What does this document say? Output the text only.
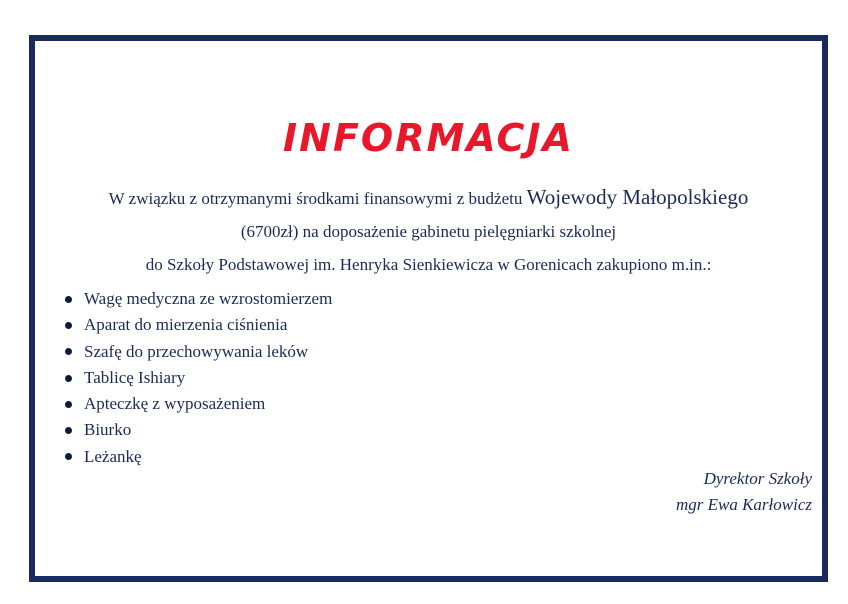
INFORMACJA
W związku z otrzymanymi środkami finansowymi z budżetu Wojewody Małopolskiego
(6700zł) na doposażenie gabinetu pielęgniarki szkolnej
do Szkoły Podstawowej im. Henryka Sienkiewicza w Gorenicach zakupiono m.in.:
Wagę medyczna ze wzrostomierzem
Aparat do mierzenia ciśnienia
Szafę do przechowywania leków
Tablicę Ishiary
Apteczkę z wyposażeniem
Biurko
Leżankę
Dyrektor Szkoły
mgr Ewa Karłowicz
